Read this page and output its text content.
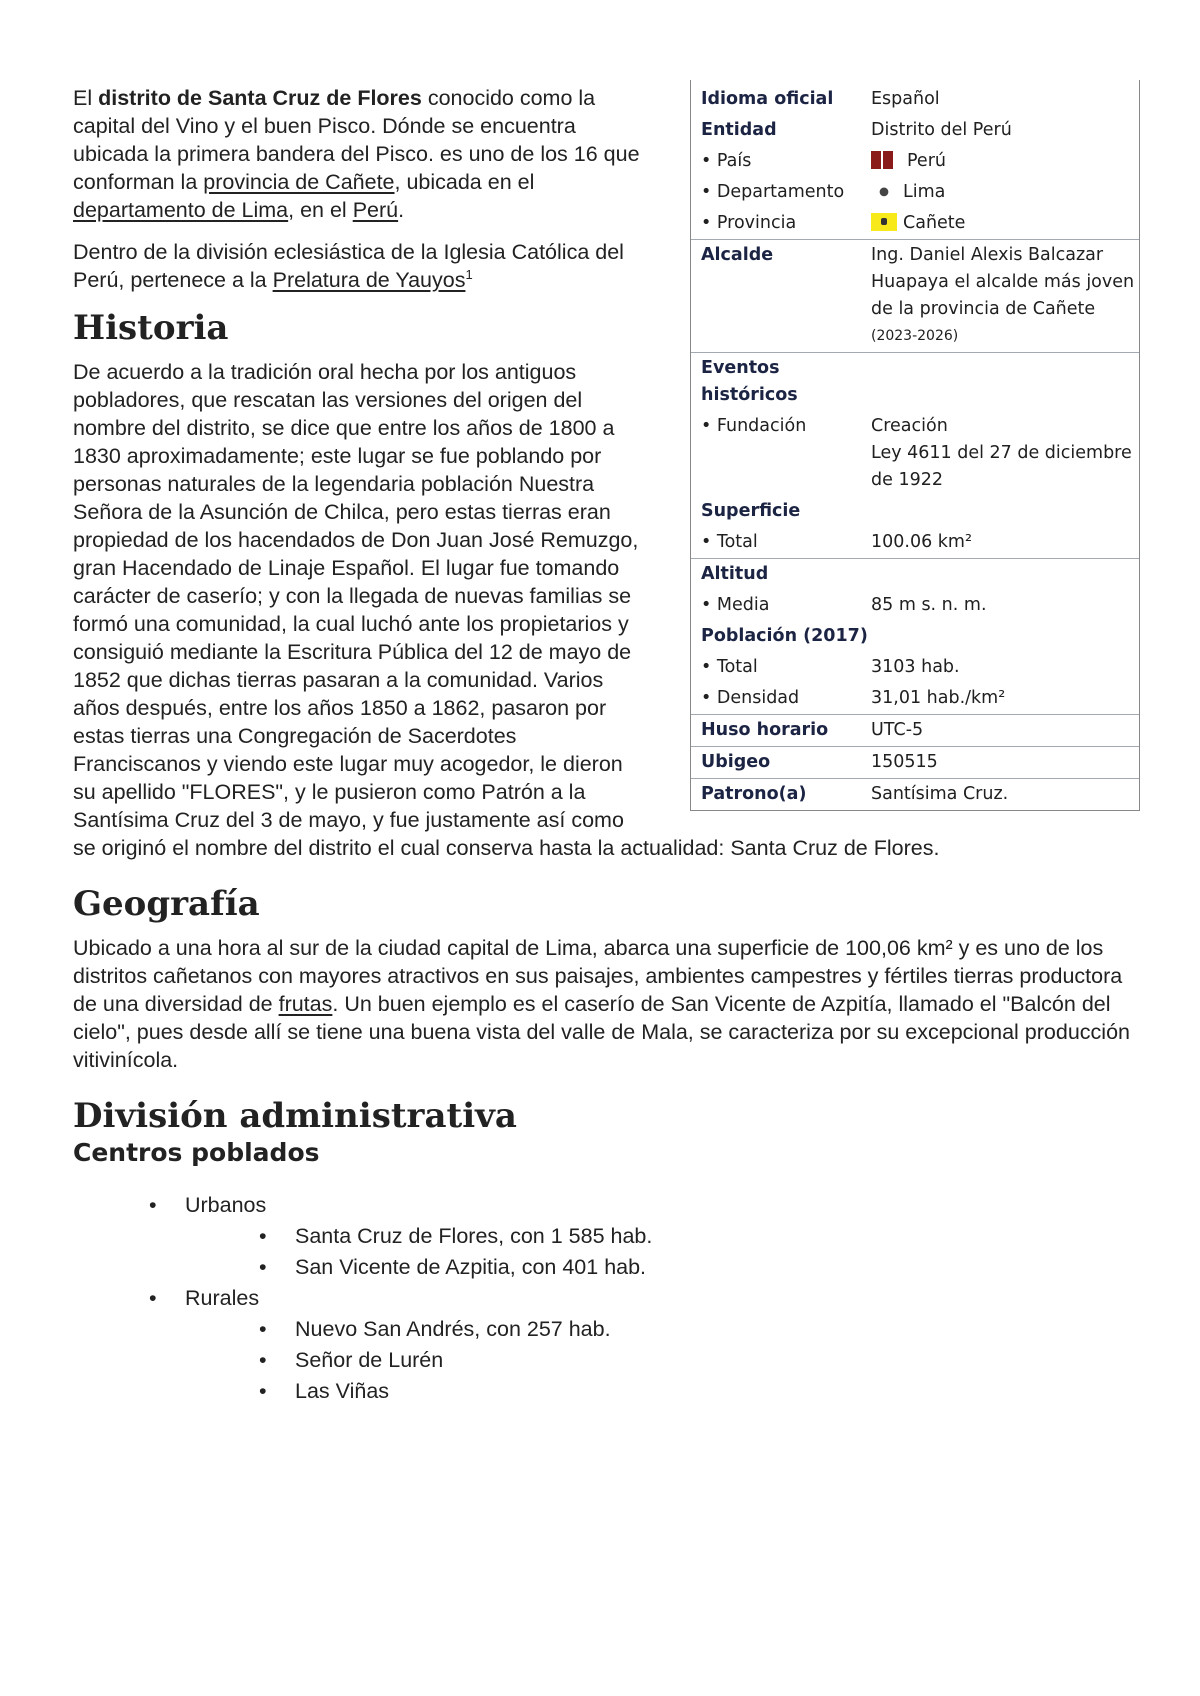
Idioma oficial	Español
Entidad	Distrito del Perú
• País	Perú
• Departamento	Lima
• Provincia	Cañete
Alcalde	Ing. Daniel Alexis Balcazar Huapaya el alcalde más joven de la provincia de Cañete
(2023-2026)

Eventos históricos	

• Fundación	Creación
Ley 4611 del 27 de diciembre de 1922

Superficie	
• Total	100.06 km²
Altitud	
• Media	85 m s. n. m.
Población (2017)	
• Total	3103 hab.
• Densidad	31,01 hab./km²
Huso horario	UTC-5
Ubigeo	150515
Patrono(a)	Santísima Cruz.

El distrito de Santa Cruz de Flores conocido como la capital del Vino y el buen Pisco. Dónde se encuentra ubicada la primera bandera del Pisco. es uno de los 16 que conforman la provincia de Cañete, ubicada en el departamento de Lima, en el Perú.

Dentro de la división eclesiástica de la Iglesia Católica del Perú, pertenece a la Prelatura de Yauyos$^1$

Historia

De acuerdo a la tradición oral hecha por los antiguos pobladores, que rescatan las versiones del origen del nombre del distrito, se dice que entre los años de 1800 a 1830 aproximadamente; este lugar se fue poblando por personas naturales de la legendaria población Nuestra Señora de la Asunción de Chilca, pero estas tierras eran propiedad de los hacendados de Don Juan José Remuzgo, gran Hacendado de Linaje Español. El lugar fue tomando carácter de caserío; y con la llegada de nuevas familias se formó una comunidad, la cual luchó ante los propietarios y consiguió mediante la Escritura Pública del 12 de mayo de 1852 que dichas tierras pasaran a la comunidad. Varios años después, entre los años 1850 a 1862, pasaron por estas tierras una Congregación de Sacerdotes Franciscanos y viendo este lugar muy acogedor, le dieron su apellido "FLORES", y le pusieron como Patrón a la Santísima Cruz del 3 de mayo, y fue justamente así como se originó el nombre del distrito el cual conserva hasta la actualidad: Santa Cruz de Flores.

Geografía

Ubicado a una hora al sur de la ciudad capital de Lima, abarca una superficie de 100,06 km² y es uno de los distritos cañetanos con mayores atractivos en sus paisajes, ambientes campestres y fértiles tierras productora de una diversidad de frutas. Un buen ejemplo es el caserío de San Vicente de Azpitía, llamado el "Balcón del cielo", pues desde allí se tiene una buena vista del valle de Mala, se caracteriza por su excepcional producción vitivinícola.

División administrativa
Centros poblados
• Urbanos
• Santa Cruz de Flores, con 1 585 hab.
• San Vicente de Azpitia, con 401 hab.
• Rurales
• Nuevo San Andrés, con 257 hab.
• Señor de Lurén
• Las Viñas
